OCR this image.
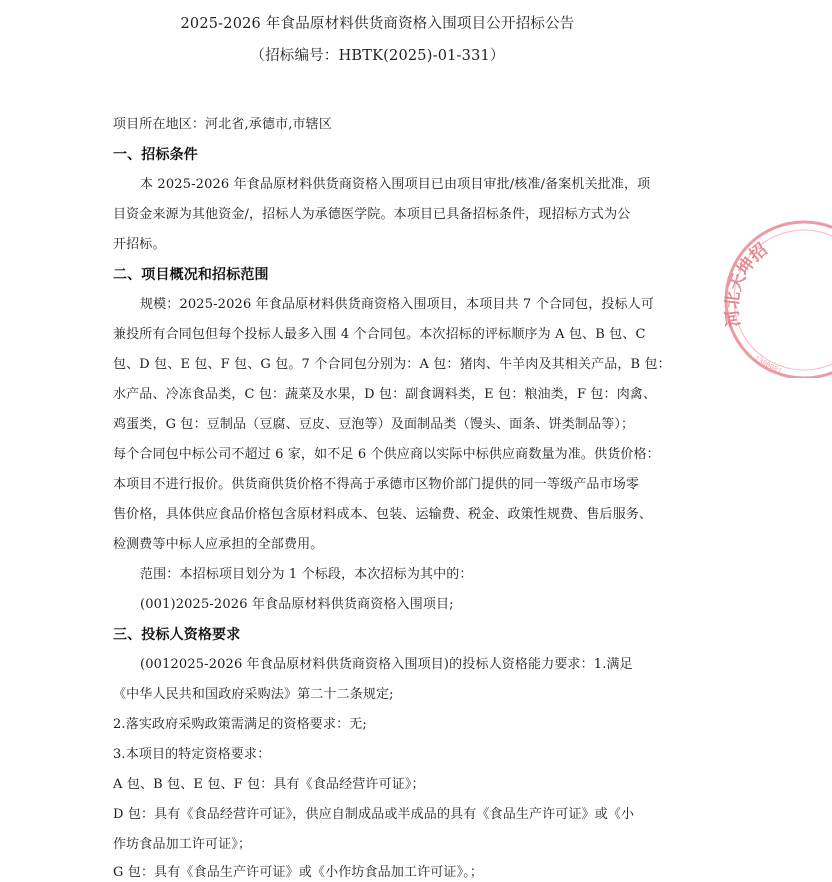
2025-2026 年食品原材料供货商资格入围项目公开招标公告
（招标编号：HBTK(2025)-01-331）
项目所在地区：河北省,承德市,市辖区
一、招标条件
本 2025-2026 年食品原材料供货商资格入围项目已由项目审批/核准/备案机关批准，项
目资金来源为其他资金/，招标人为承德医学院。本项目已具备招标条件，现招标方式为公
开招标。
二、项目概况和招标范围
规模：2025-2026 年食品原材料供货商资格入围项目，本项目共 7 个合同包，投标人可
兼投所有合同包但每个投标人最多入围 4 个合同包。本次招标的评标顺序为 A 包、B 包、C
包、D 包、E 包、F 包、G 包。7 个合同包分别为：A 包：猪肉、牛羊肉及其相关产品，B 包：
水产品、冷冻食品类，C 包：蔬菜及水果，D 包：副食调料类，E 包：粮油类，F 包：肉禽、
鸡蛋类，G 包：豆制品（豆腐、豆皮、豆泡等）及面制品类（馒头、面条、饼类制品等）；
每个合同包中标公司不超过 6 家，如不足 6 个供应商以实际中标供应商数量为准。供货价格：
本项目不进行报价。供货商供货价格不得高于承德市区物价部门提供的同一等级产品市场零
售价格，具体供应食品价格包含原材料成本、包装、运输费、税金、政策性规费、售后服务、
检测费等中标人应承担的全部费用。
范围：本招标项目划分为 1 个标段，本次招标为其中的：
(001)2025-2026 年食品原材料供货商资格入围项目;
三、投标人资格要求
(0012025-2026 年食品原材料供货商资格入围项目)的投标人资格能力要求：1.满足
《中华人民共和国政府采购法》第二十二条规定;
2.落实政府采购政策需满足的资格要求：无;
3.本项目的特定资格要求：
A 包、B 包、E 包、F 包：具有《食品经营许可证》；
D 包：具有《食品经营许可证》，供应自制成品或半成品的具有《食品生产许可证》或《小
作坊食品加工许可证》；
G 包：具有《食品生产许可证》或《小作坊食品加工许可证》。；
河北天坤招
1300001
